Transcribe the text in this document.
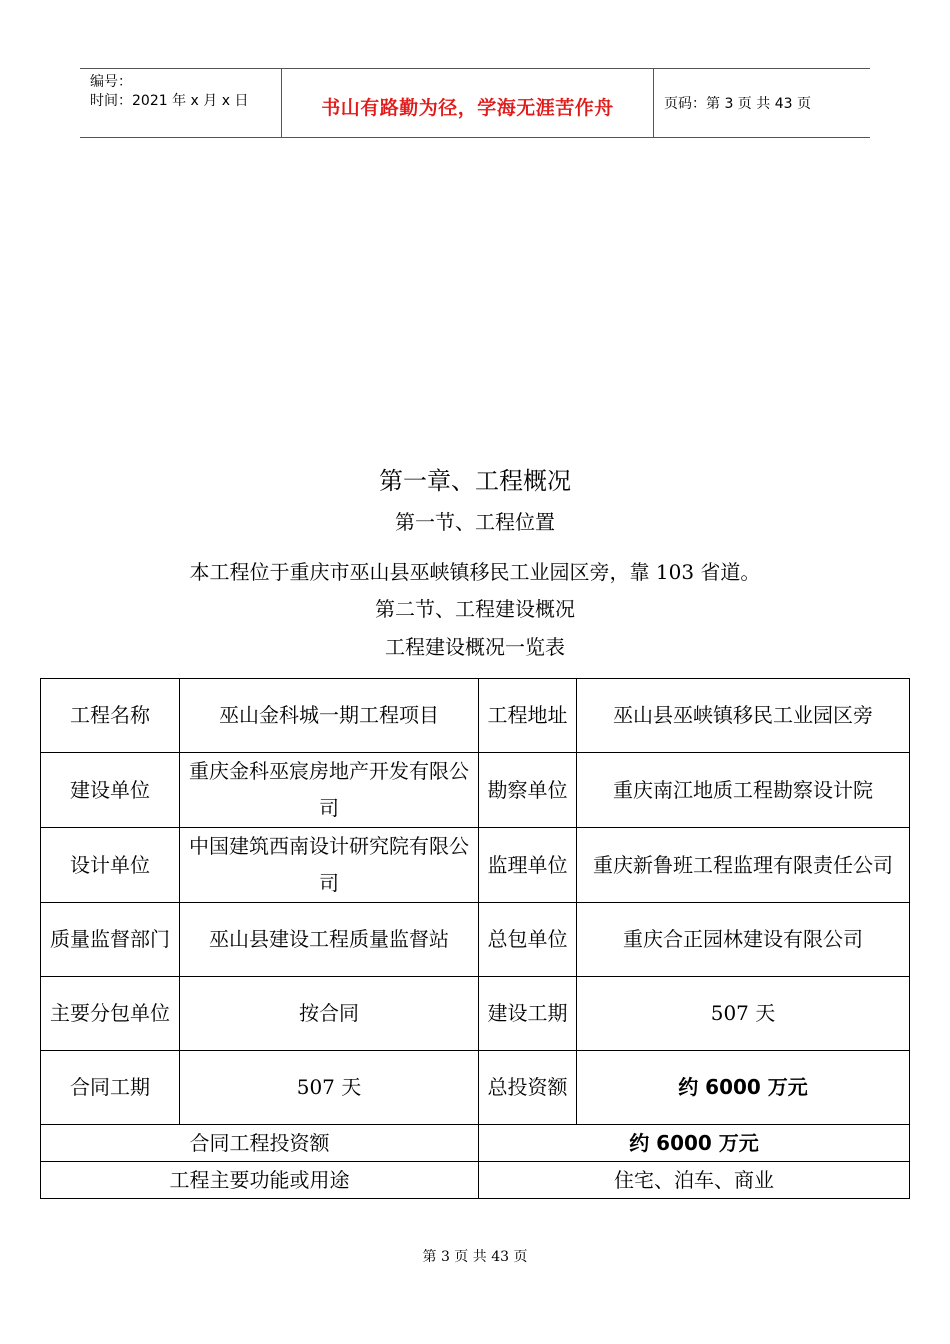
编号：
时间：2021 年 x 月 x 日	书山有路勤为径，学海无涯苦作舟	页码：第 3 页 共 43 页
第一章、工程概况
第一节、工程位置
本工程位于重庆市巫山县巫峡镇移民工业园区旁，靠 103 省道。
第二节、工程建设概况
工程建设概况一览表
工程名称	巫山金科城一期工程项目	工程地址	巫山县巫峡镇移民工业园区旁
建设单位	重庆金科巫宸房地产开发有限公司	勘察单位	重庆南江地质工程勘察设计院
设计单位	中国建筑西南设计研究院有限公司	监理单位	重庆新鲁班工程监理有限责任公司
质量监督部门	巫山县建设工程质量监督站	总包单位	重庆合正园林建设有限公司
主要分包单位	按合同	建设工期	507 天
合同工期	507 天	总投资额	约 6000 万元
合同工程投资额		约 6000 万元	
工程主要功能或用途		住宅、泊车、商业	
第 3 页 共 43 页
